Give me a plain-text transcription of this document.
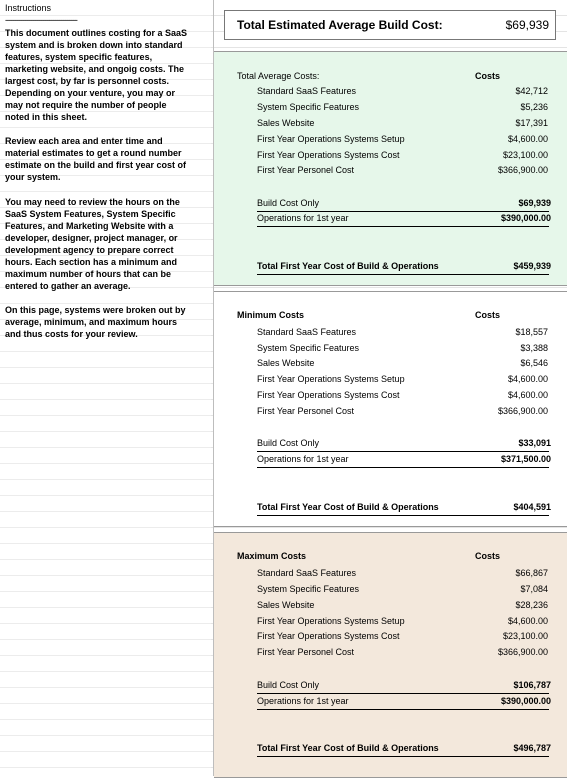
Instructions
------------------------------------
This document outlines costing for a SaaS
system and is broken down into standard
features, system specific features,
marketing website, and ongoig costs. The
largest cost, by far is personnel costs.
Depending on your venture, you may or
may not require the number of people
noted in this sheet.
Review each area and enter time and
material estimates to get a round number
estimate on the build and first year cost of
your system.
You may need to review the hours on the
SaaS System Features, System Specific
Features, and Marketing Website with a
developer, designer, project manager, or
development agency to prepare correct
hours. Each section has a minimum and
maximum number of hours that can be
entered to gather an average.
On this page, systems were broken out by
average, minimum, and maximum hours
and thus costs for your review.
Total Estimated Average Build Cost:	$69,939
Total Average Costs:	Costs
Standard SaaS Features	$42,712
System Specific Features	$5,236
Sales Website	$17,391
First Year Operations Systems Setup	$4,600.00
First Year Operations Systems Cost	$23,100.00
First Year Personel Cost	$366,900.00
Build Cost Only	$69,939
Operations for 1st year	$390,000.00
Total First Year Cost of Build & Operations	$459,939
Minimum Costs	Costs
Standard SaaS Features	$18,557
System Specific Features	$3,388
Sales Website	$6,546
First Year Operations Systems Setup	$4,600.00
First Year Operations Systems Cost	$4,600.00
First Year Personel Cost	$366,900.00
Build Cost Only	$33,091
Operations for 1st year	$371,500.00
Total First Year Cost of Build & Operations	$404,591
Maximum Costs	Costs
Standard SaaS Features	$66,867
System Specific Features	$7,084
Sales Website	$28,236
First Year Operations Systems Setup	$4,600.00
First Year Operations Systems Cost	$23,100.00
First Year Personel Cost	$366,900.00
Build Cost Only	$106,787
Operations for 1st year	$390,000.00
Total First Year Cost of Build & Operations	$496,787
